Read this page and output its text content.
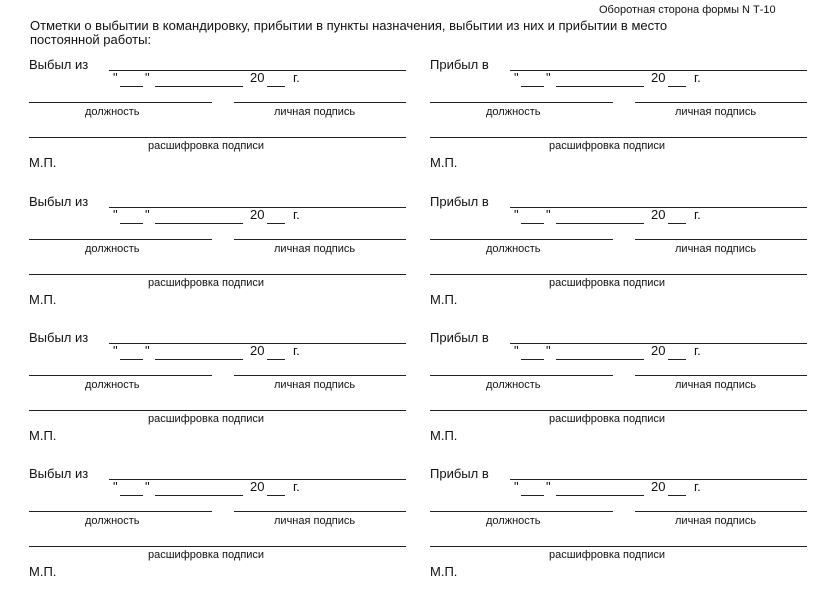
Оборотная сторона формы N Т-10
Отметки о выбытии в командировку, прибытии в пункты назначения, выбытии из них и прибытии в место постоянной работы:
Выбыл из
" "	20 г.
должность	личная подпись
расшифровка подписи
М.П.
Прибыл в
" "	20 г.
должность	личная подпись
расшифровка подписи
М.П.
Выбыл из
" "	20 г.
должность	личная подпись
расшифровка подписи
М.П.
Прибыл в
" "	20 г.
должность	личная подпись
расшифровка подписи
М.П.
Выбыл из
" "	20 г.
должность	личная подпись
расшифровка подписи
М.П.
Прибыл в
" "	20 г.
должность	личная подпись
расшифровка подписи
М.П.
Выбыл из
" "	20 г.
должность	личная подпись
расшифровка подписи
М.П.
Прибыл в
" "	20 г.
должность	личная подпись
расшифровка подписи
М.П.
